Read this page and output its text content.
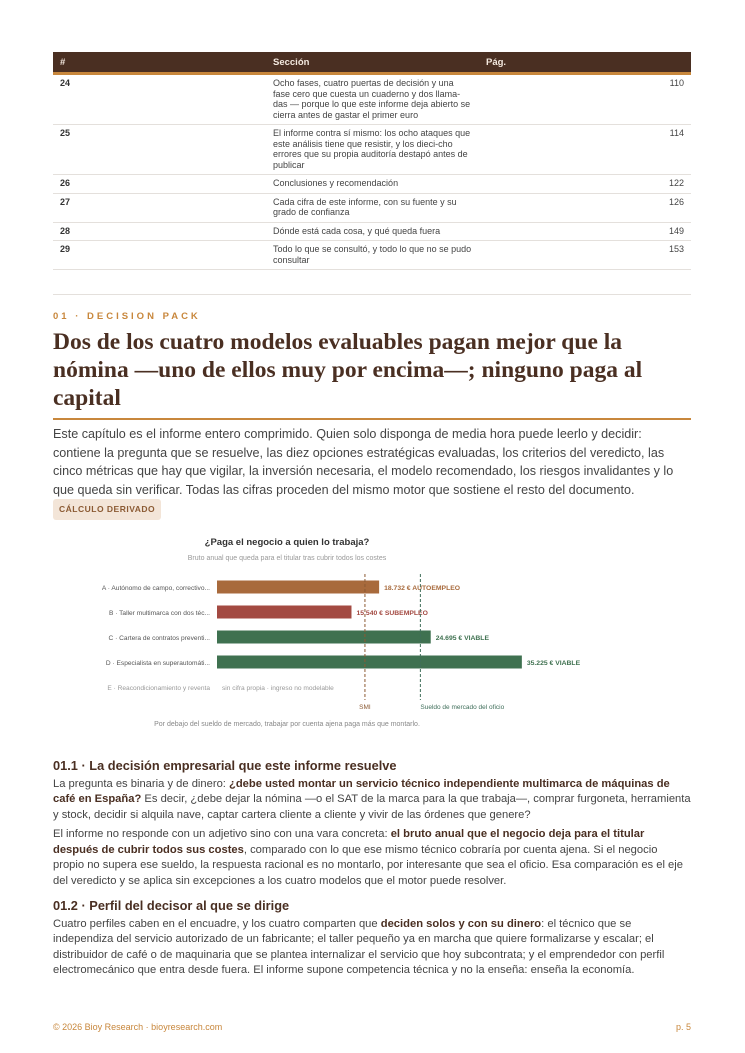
#	Sección	Pág.
24	Ocho fases, cuatro puertas de decisión y una fase cero que cuesta un cuaderno y dos llama-das — porque lo que este informe deja abierto se cierra antes de gastar el primer euro	110
25	El informe contra sí mismo: los ocho ataques que este análisis tiene que resistir, y los dieci-cho errores que su propia auditoría destapó antes de publicar	114
26	Conclusiones y recomendación	122
27	Cada cifra de este informe, con su fuente y su grado de confianza	126
28	Dónde está cada cosa, y qué queda fuera	149
29	Todo lo que se consultó, y todo lo que no se pudo consultar	153
01 · DECISION PACK
Dos de los cuatro modelos evaluables pagan mejor que la nómina —uno de ellos muy por encima—; ninguno paga al capital

Este capítulo es el informe entero comprimido. Quien solo disponga de media hora puede leerlo y decidir: contiene la pregunta que se resuelve, las diez opciones estratégicas evaluadas, los criterios del veredicto, las cinco métricas que hay que vigilar, la inversión necesaria, el modelo recomendado, los riesgos invalidantes y lo que queda sin verificar. Todas las cifras proceden del mismo motor que sostiene el resto del documento. CÁLCULO DERIVADO

¿Paga el negocio a quien lo trabaja?
Bruto anual que queda para el titular tras cubrir todos los costes
A · Autónomo de campo, correctivo...	18.732 € AUTOEMPLEO
B · Taller multimarca con dos téc...	15.540 € SUBEMPLEO
C · Cartera de contratos preventi...	24.695 € VIABLE
D · Especialista en superautomáti...	35.225 € VIABLE
E · Reacondicionamiento y reventa sin cifra propia · ingreso no modelable
SMI	Sueldo de mercado del oficio
Por debajo del sueldo de mercado, trabajar por cuenta ajena paga más que montarlo.
01.1 · La decisión empresarial que este informe resuelve

La pregunta es binaria y de dinero: ¿debe usted montar un servicio técnico independiente multimarca de máquinas de café en España? Es decir, ¿debe dejar la nómina —o el SAT de la marca para la que trabaja—, comprar furgoneta, herramienta y stock, decidir si alquila nave, captar cartera cliente a cliente y vivir de las órdenes que genere?

El informe no responde con un adjetivo sino con una vara concreta: el bruto anual que el negocio deja para el titular después de cubrir todos sus costes, comparado con lo que ese mismo técnico cobraría por cuenta ajena. Si el negocio propio no supera ese sueldo, la respuesta racional es no montarlo, por interesante que sea el oficio. Esa comparación es el eje del veredicto y se aplica sin excepciones a los cuatro modelos que el motor puede resolver.

01.2 · Perfil del decisor al que se dirige

Cuatro perfiles caben en el encuadre, y los cuatro comparten que deciden solos y con su dinero: el técnico que se independiza del servicio autorizado de un fabricante; el taller pequeño ya en marcha que quiere formalizarse y escalar; el distribuidor de café o de maquinaria que se plantea internalizar el servicio que hoy subcontrata; y el emprendedor con perfil electromecánico que entra desde fuera. El informe supone competencia técnica y no la enseña: enseña la economía.

© 2026 Bioy Research · bioyresearch.com	p. 5
